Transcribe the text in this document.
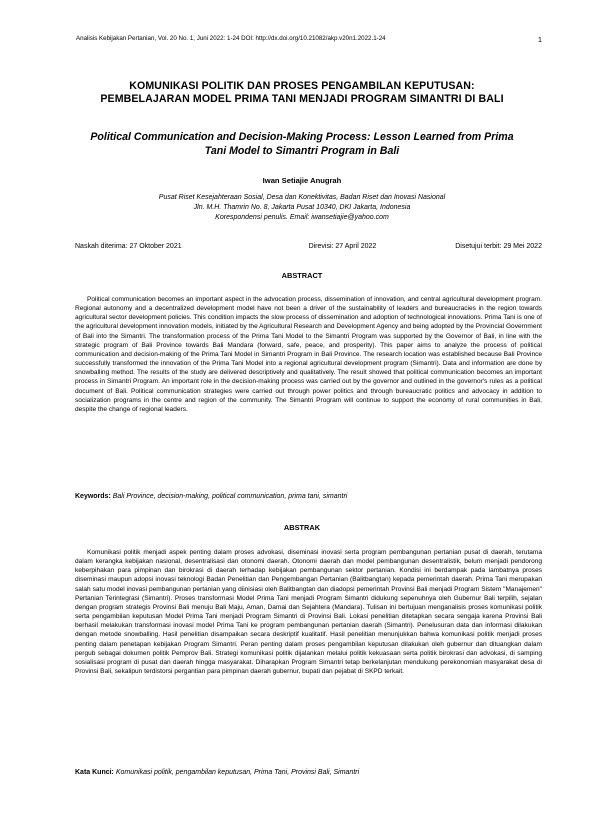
Analisis Kebijakan Pertanian, Vol. 20 No. 1, Juni 2022: 1-24 DOI: http://dx.doi.org/10.21082/akp.v20n1.2022.1-24	1
KOMUNIKASI POLITIK DAN PROSES PENGAMBILAN KEPUTUSAN: PEMBELAJARAN MODEL PRIMA TANI MENJADI PROGRAM SIMANTRI DI BALI
Political Communication and Decision-Making Process: Lesson Learned from Prima Tani Model to Simantri Program in Bali
Iwan Setiajie Anugrah
Pusat Riset Kesejahteraan Sosial, Desa dan Konektivitas, Badan Riset dan Inovasi Nasional
Jln. M.H. Thamrin No. 8, Jakarta Pusat 10340, DKI Jakarta, Indonesia
Korespondensi penulis. Email: iwansetiajie@yahoo.com
Naskah diterima: 27 Oktober 2021	Direvisi: 27 April 2022	Disetujui terbit: 29 Mei 2022
ABSTRACT
Political communication becomes an important aspect in the advocation process, dissemination of innovation, and central agricultural development program. Regional autonomy and a decentralized development model have not been a driver of the sustainability of leaders and bureaucracies in the region towards agricultural sector development policies. This condition impacts the slow process of dissemination and adoption of technological innovations. Prima Tani is one of the agricultural development innovation models, initiated by the Agricultural Research and Development Agency and being adopted by the Provincial Government of Bali into the Simantri. The transformation process of the Prima Tani Model to the Simantri Program was supported by the Governor of Bali, in line with the strategic program of Bali Province towards Bali Mandara (forward, safe, peace, and prosperity). This paper aims to analyze the process of political communication and decision-making of the Prima Tani Model in Simantri Program in Bali Province. The research location was established because Bali Province successfully transformed the innovation of the Prima Tani Model into a regional agricultural development program (Simantri). Data and information are done by snowballing method. The results of the study are delivered descriptively and qualitatively. The result showed that political communication becomes an important process in Simantri Program. An important role in the decision-making process was carried out by the governor and outlined in the governor's rules as a political document of Bali. Political communication strategies were carried out through power politics and through bureaucratic politics and advocacy in addition to socialization programs in the centre and region of the community. The Simantri Program will continue to support the economy of rural communities in Bali, despite the change of regional leaders.
Keywords: Bali Province, decision-making, political communication, prima tani, simantri
ABSTRAK
Komunikasi politik menjadi aspek penting dalam proses advokasi, diseminasi inovasi serta program pembangunan pertanian pusat di daerah, terutama dalam kerangka kebijakan nasional, desentralisasi dan otonomi daerah. Otonomi daerah dan model pembangunan desentralistik, belum menjadi pendorong keberpihakan para pimpinan dan birokrasi di daerah terhadap kebijakan pembangunan sektor pertanian. Kondisi ini berdampak pada lambatnya proses diseminasi maupun adopsi inovasi teknologi Badan Penelitian dan Pengembangan Pertanian (Balitbangtan) kepada pemerintah daerah. Prima Tani merupakan salah satu model inovasi pembangunan pertanian yang diinisiasi oleh Balitbangtan dan diadopsi pemerintah Provinsi Bali menjadi Program Sistem "Manajemen" Pertanian Terintegrasi (Simantri). Proses transformasi Model Prima Tani menjadi Program Simantri didukung sepenuhnya oleh Gubernur Bali terpilih, sejalan dengan program strategis Provinsi Bali menuju Bali Maju, Aman, Damai dan Sejahtera (Mandara). Tulisan ini bertujuan menganalisis proses komunikasi politik serta pengambilan keputusan Model Prima Tani menjadi Program Simantri di Provinsi Bali. Lokasi penelitian ditetapkan secara sengaja karena Provinsi Bali berhasil melakukan transformasi inovasi model Prima Tani ke program pembangunan pertanian daerah (Simantri). Penelusuran data dan informasi dilakukan dengan metode snowballing. Hasil penelitian disampaikan secara deskriptif kualitatif. Hasil penelitian menunjukkan bahwa komunikasi politik menjadi proses penting dalam penetapan kebijakan Program Simantri. Peran penting dalam proses pengambilan keputusan dilakukan oleh gubernur dan dituangkan dalam pergub sebagai dokumen politik Pemprov Bali. Strategi komunikasi politik dijalankan melalui politik kekuasaan serta politik birokrasi dan advokasi, di samping sosialisasi program di pusat dan daerah hingga masyarakat. Diharapkan Program Simantri tetap berkelanjutan mendukung perekonomian masyarakat desa di Provinsi Bali, sekalipun terdistorsi pergantian para pimpinan daerah gubernur, bupati dan pejabat di SKPD terkait.
Kata Kunci: Komunikasi politik, pengambilan keputusan, Prima Tani, Provinsi Bali, Simantri
